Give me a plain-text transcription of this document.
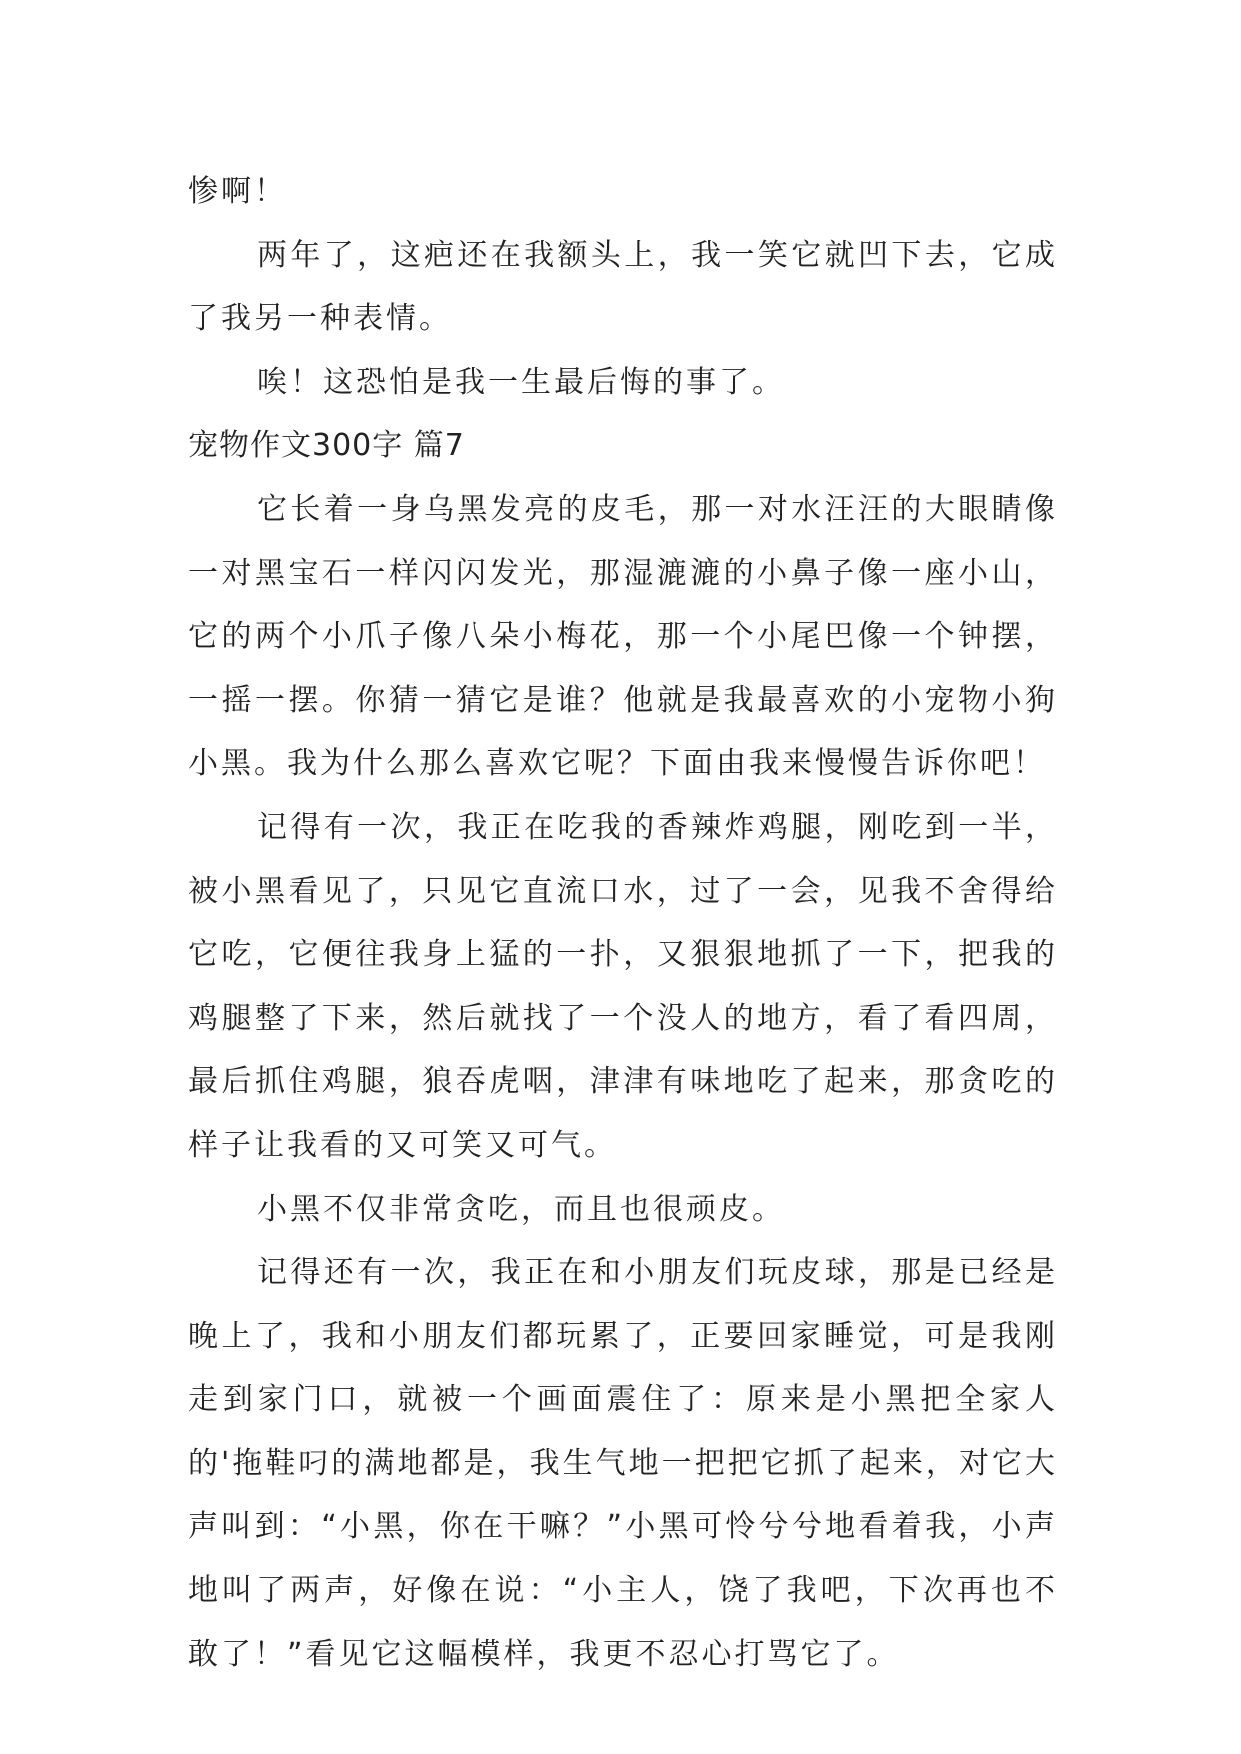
惨啊！

两年了，这疤还在我额头上，我一笑它就凹下去，它成了我另一种表情。

唉！这恐怕是我一生最后悔的事了。

宠物作文300字 篇7

它长着一身乌黑发亮的皮毛，那一对水汪汪的大眼睛像一对黑宝石一样闪闪发光，那湿漉漉的小鼻子像一座小山，它的两个小爪子像八朵小梅花，那一个小尾巴像一个钟摆，一摇一摆。你猜一猜它是谁？他就是我最喜欢的小宠物小狗小黑。我为什么那么喜欢它呢？下面由我来慢慢告诉你吧！

记得有一次，我正在吃我的香辣炸鸡腿，刚吃到一半，被小黑看见了，只见它直流口水，过了一会，见我不舍得给它吃，它便往我身上猛的一扑，又狠狠地抓了一下，把我的鸡腿整了下来，然后就找了一个没人的地方，看了看四周，最后抓住鸡腿，狼吞虎咽，津津有味地吃了起来，那贪吃的样子让我看的又可笑又可气。

小黑不仅非常贪吃，而且也很顽皮。

记得还有一次，我正在和小朋友们玩皮球，那是已经是晚上了，我和小朋友们都玩累了，正要回家睡觉，可是我刚走到家门口，就被一个画面震住了：原来是小黑把全家人的'拖鞋叼的满地都是，我生气地一把把它抓了起来，对它大声叫到：“小黑，你在干嘛？”小黑可怜兮兮地看着我，小声地叫了两声，好像在说：“小主人，饶了我吧，下次再也不敢了！”看见它这幅模样，我更不忍心打骂它了。
